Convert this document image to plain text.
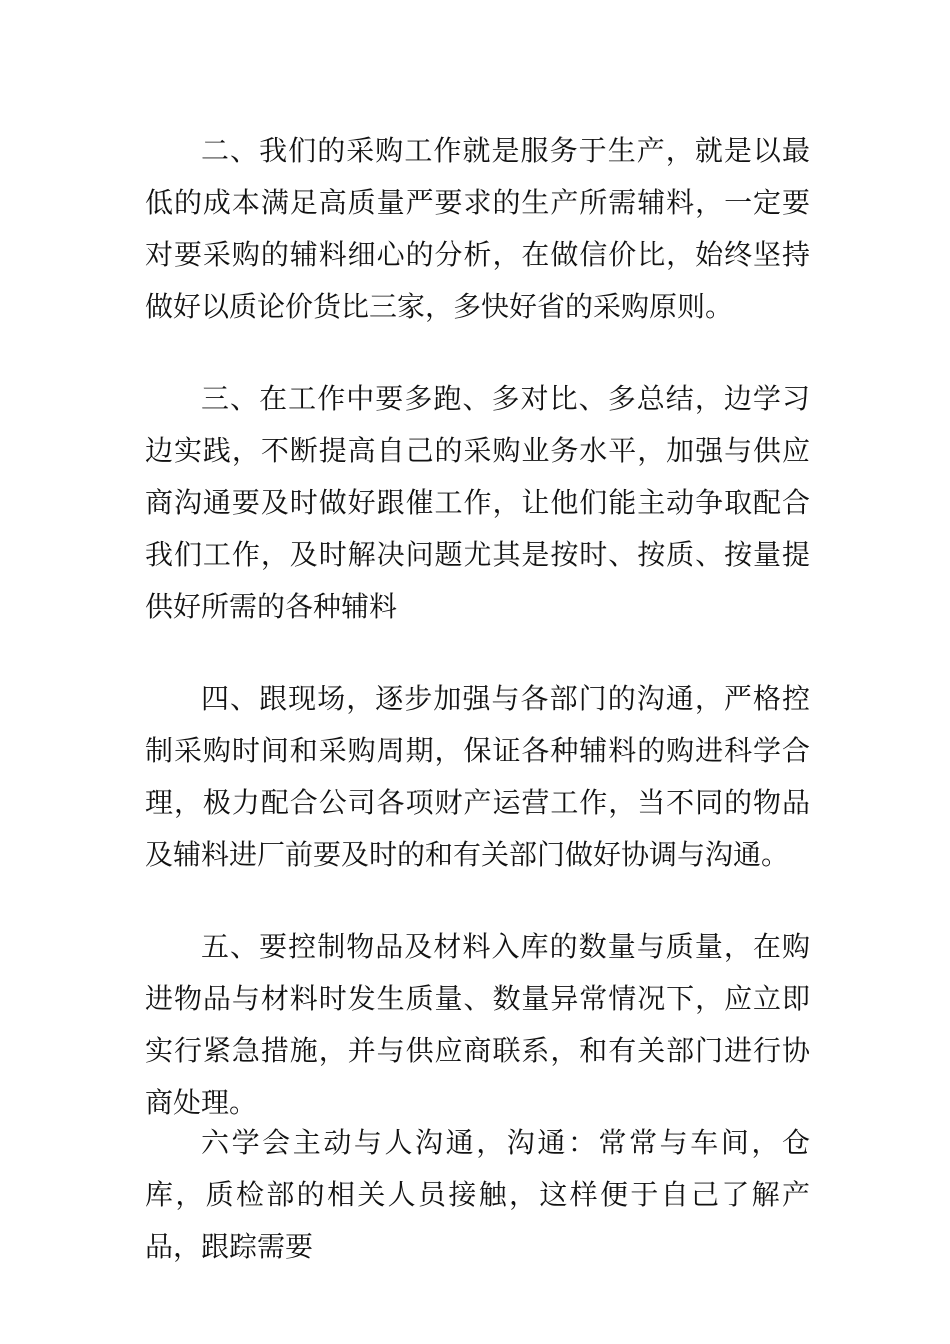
二、我们的采购工作就是服务于生产，就是以最低的成本满足高质量严要求的生产所需辅料，一定要对要采购的辅料细心的分析，在做信价比，始终坚持做好以质论价货比三家，多快好省的采购原则。

三、在工作中要多跑、多对比、多总结，边学习边实践，不断提高自己的采购业务水平，加强与供应商沟通要及时做好跟催工作，让他们能主动争取配合我们工作，及时解决问题尤其是按时、按质、按量提供好所需的各种辅料

四、跟现场，逐步加强与各部门的沟通，严格控制采购时间和采购周期，保证各种辅料的购进科学合理，极力配合公司各项财产运营工作，当不同的物品及辅料进厂前要及时的和有关部门做好协调与沟通。

五、要控制物品及材料入库的数量与质量，在购进物品与材料时发生质量、数量异常情况下，应立即实行紧急措施，并与供应商联系，和有关部门进行协商处理。

六学会主动与人沟通，沟通：常常与车间，仓库，质检部的相关人员接触，这样便于自己了解产品，跟踪需要
